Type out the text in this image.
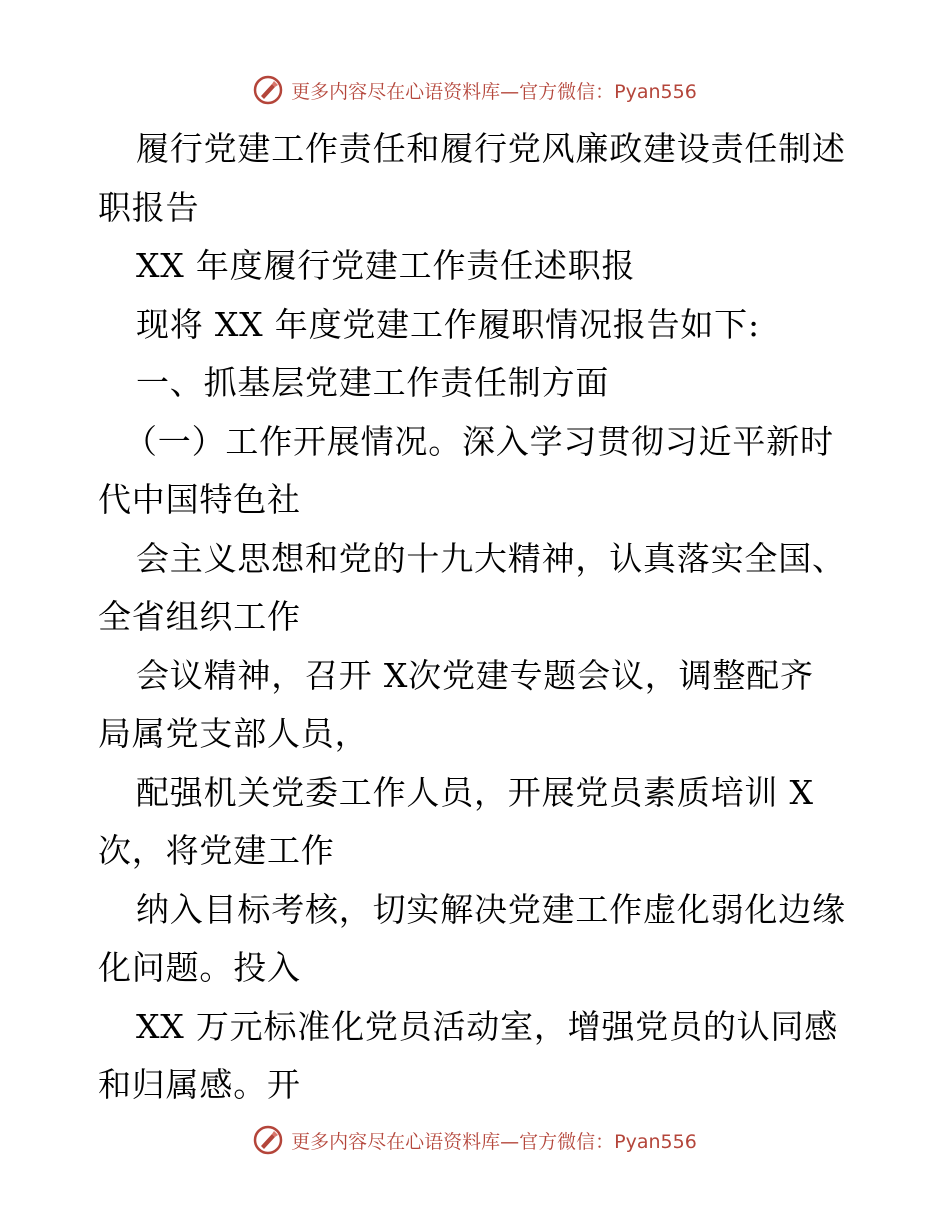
更多内容尽在心语资料库—官方微信：Pyan556

履行党建工作责任和履行党风廉政建设责任制述

职报告

XX 年度履行党建工作责任述职报

现将 XX 年度党建工作履职情况报告如下:

一、抓基层党建工作责任制方面

（一）工作开展情况。深入学习贯彻习近平新时

代中国特色社

会主义思想和党的十九大精神，认真落实全国、

全省组织工作

会议精神，召开 X次党建专题会议，调整配齐

局属党支部人员，

配强机关党委工作人员，开展党员素质培训 X

次，将党建工作

纳入目标考核，切实解决党建工作虚化弱化边缘

化问题。投入

XX 万元标准化党员活动室，增强党员的认同感

和归属感。开

更多内容尽在心语资料库—官方微信：Pyan556
